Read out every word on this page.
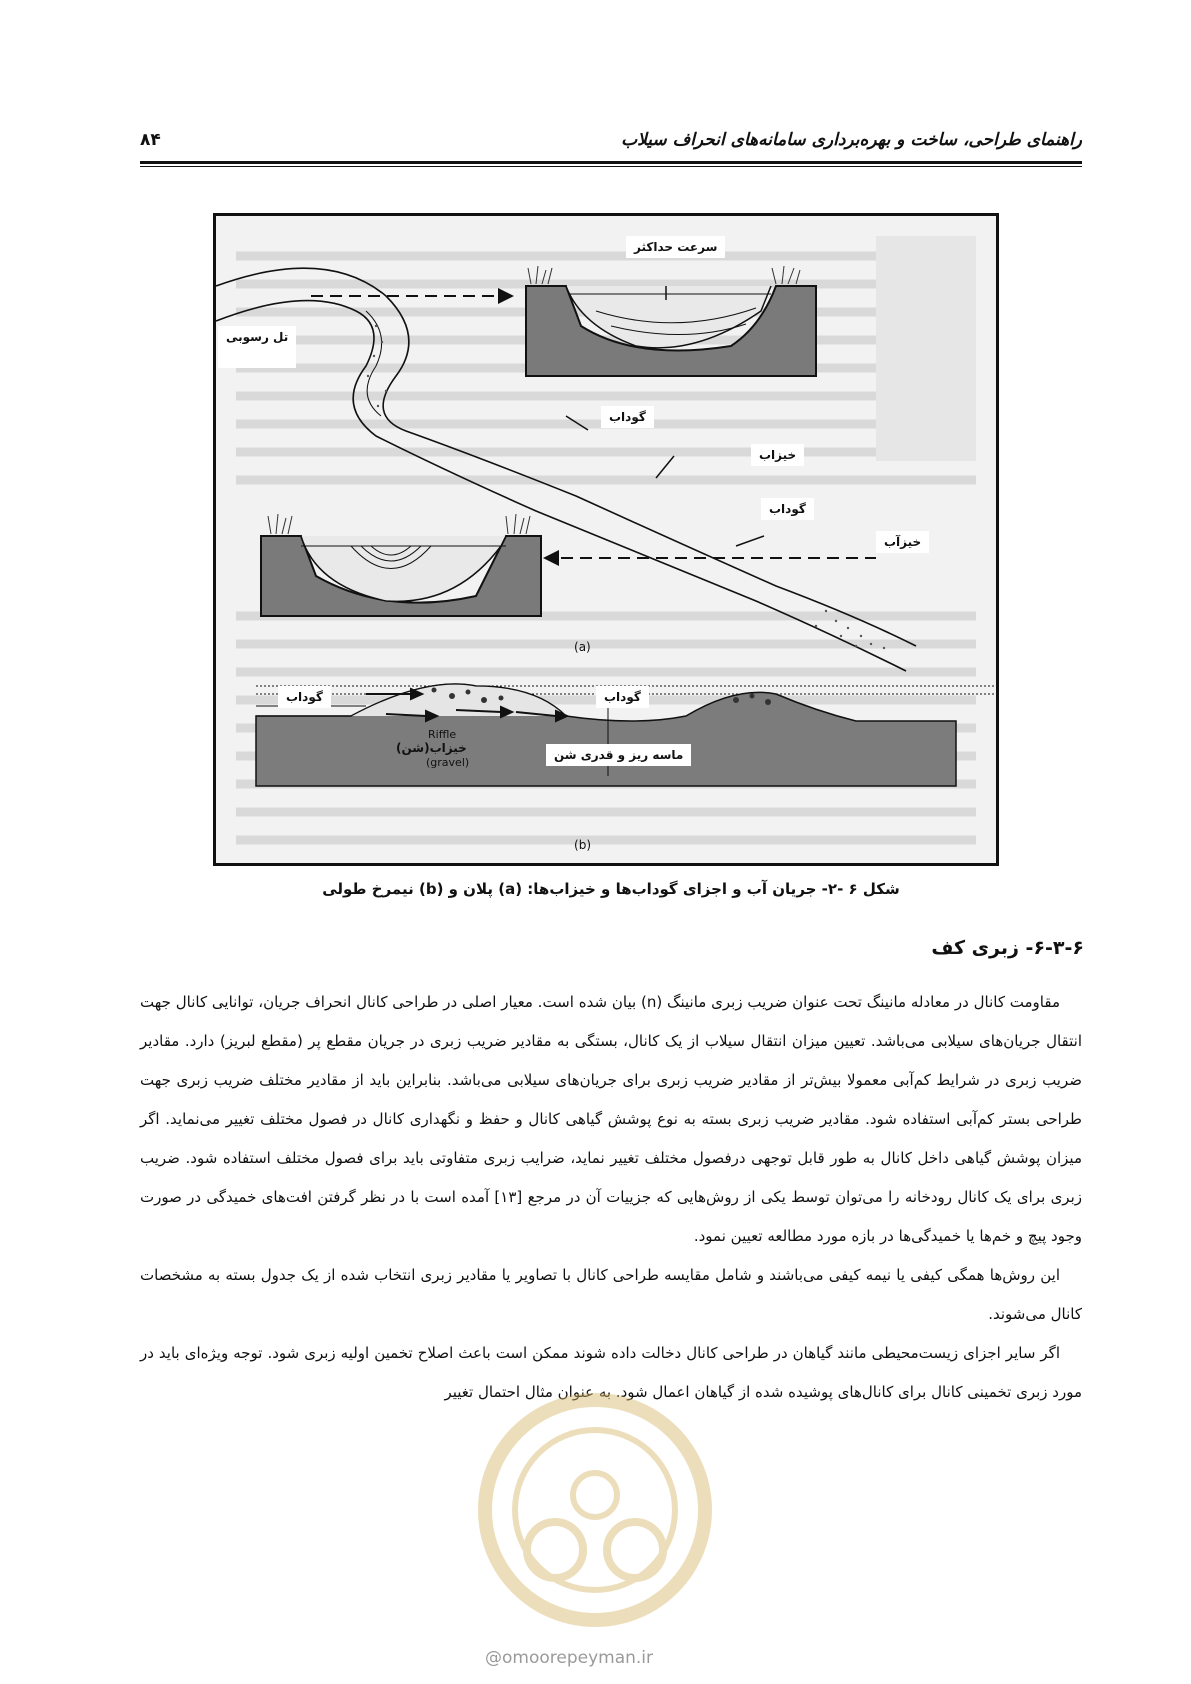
راهنمای طراحی، ساخت و بهره‌برداری سامانه‌های انحراف سیلاب
۸۴
سرعت حداکثر
تل رسوبی
گوداب
خیزاب
گوداب
خیزآب
(a)
گوداب	گوداب
Riffle
(gravel)
خیزاب(شن)	ماسه ریز و قدری شن
(b)
شکل ۶ -۲- جریان آب و اجزای گوداب‌ها و خیزاب‌ها: (a) پلان و (b) نیمرخ طولی
۶-۳-۶- زبری کف

مقاومت کانال در معادله مانینگ تحت عنوان ضریب زبری مانینگ (n) بیان شده است. معیار اصلی در طراحی کانال انحراف جریان، توانایی کانال جهت انتقال جریان‌های سیلابی می‌باشد. تعیین میزان انتقال سیلاب از یک کانال، بستگی به مقادیر ضریب زبری در جریان مقطع پر (مقطع لبریز) دارد. مقادیر ضریب زبری در شرایط کم‌آبی معمولا بیش‌تر از مقادیر ضریب زبری برای جریان‌های سیلابی می‌باشد. بنابراین باید از مقادیر مختلف ضریب زبری جهت طراحی بستر کم‌آبی استفاده شود. مقادیر ضریب زبری بسته به نوع پوشش گیاهی کانال و حفظ و نگهداری کانال در فصول مختلف تغییر می‌نماید. اگر میزان پوشش گیاهی داخل کانال به طور قابل توجهی درفصول مختلف تغییر نماید، ضرایب زبری متفاوتی باید برای فصول مختلف استفاده شود. ضریب زبری برای یک کانال رودخانه را می‌توان توسط یکی از روش‌هایی که جزییات آن در مرجع [۱۳] آمده است با در نظر گرفتن افت‌های خمیدگی در صورت وجود پیچ و خم‌ها یا خمیدگی‌ها در بازه مورد مطالعه تعیین نمود.

این روش‌ها همگی کیفی یا نیمه کیفی می‌باشند و شامل مقایسه طراحی کانال با تصاویر یا مقادیر زبری انتخاب شده از یک جدول بسته به مشخصات کانال می‌شوند.

اگر سایر اجزای زیست‌محیطی مانند گیاهان در طراحی کانال دخالت داده شوند ممکن است باعث اصلاح تخمین اولیه زبری شود. توجه ویژه‌ای باید در مورد زبری تخمینی کانال برای کانال‌های پوشیده شده از گیاهان اعمال شود. به عنوان مثال احتمال تغییر

@omoorepeyman.ir
